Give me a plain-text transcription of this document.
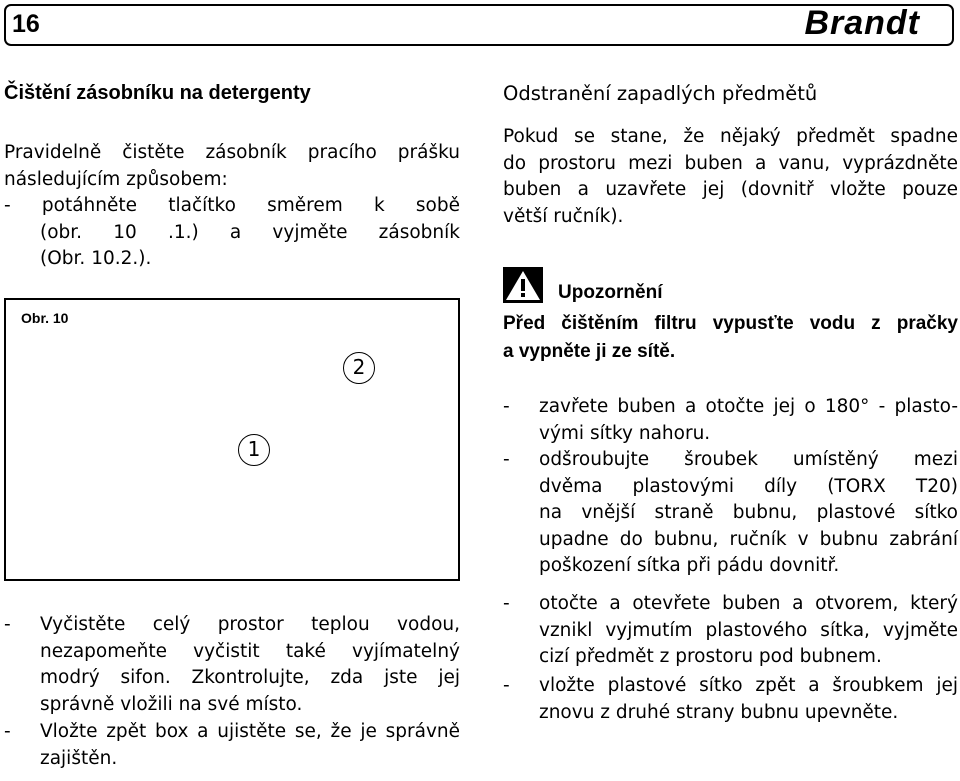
16	Brandt
Čištění zásobníku na detergenty
Pravidelně čistěte zásobník pracího prášku
následujícím způsobem:
- potáhněte tlačítko směrem k sobě
(obr. 10 .1.) a vyjměte zásobník
(Obr. 10.2.).
Obr. 10
1
2
- Vyčistěte celý prostor teplou vodou,
nezapomeňte vyčistit také vyjímatelný
modrý sifon. Zkontrolujte, zda jste jej
správně vložili na své místo.
- Vložte zpět box a ujistěte se, že je správně
zajištěn.
Odstranění zapadlých předmětů
Pokud se stane, že nějaký předmět spadne
do prostoru mezi buben a vanu, vyprázdněte
buben a uzavřete jej (dovnitř vložte pouze
větší ručník).
Upozornění
Před čištěním filtru vypusťte vodu z pračky
a vypněte ji ze sítě.
- zavřete buben a otočte jej o 180° - plasto-
vými sítky nahoru.
- odšroubujte šroubek umístěný mezi
dvěma plastovými díly (TORX T20)
na vnější straně bubnu, plastové sítko
upadne do bubnu, ručník v bubnu zabrání
poškození sítka při pádu dovnitř.
- otočte a otevřete buben a otvorem, který
vznikl vyjmutím plastového sítka, vyjměte
cizí předmět z prostoru pod bubnem.
- vložte plastové sítko zpět a šroubkem jej
znovu z druhé strany bubnu upevněte.
